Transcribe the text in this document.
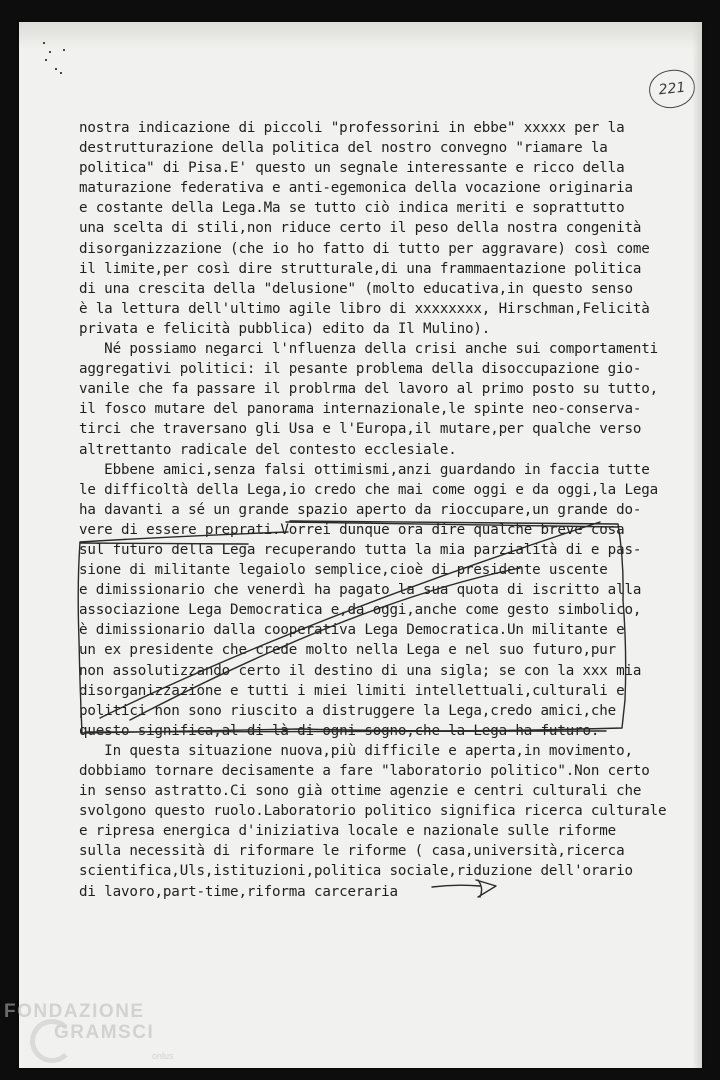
221
nostra indicazione di piccoli "professorini in ebbe" xxxxx per la
destrutturazione della politica del nostro convegno "riamare la
politica" di Pisa.E' questo un segnale interessante e ricco della
maturazione federativa e anti-egemonica della vocazione originaria
e costante della Lega.Ma se tutto ciò indica meriti e soprattutto
una scelta di stili,non riduce certo il peso della nostra congenità
disorganizzazione (che io ho fatto di tutto per aggravare) così come
il limite,per così dire strutturale,di una frammaentazione politica
di una crescita della "delusione" (molto educativa,in questo senso
è la lettura dell'ultimo agile libro di xxxxxxxx, Hirschman,Felicità
privata e felicità pubblica) edito da Il Mulino).
Né possiamo negarci l'nfluenza della crisi anche sui comportamenti
aggregativi politici: il pesante problema della disoccupazione gio-
vanile che fa passare il problrma del lavoro al primo posto su tutto,
il fosco mutare del panorama internazionale,le spinte neo-conserva-
tirci che traversano gli Usa e l'Europa,il mutare,per qualche verso
altrettanto radicale del contesto ecclesiale.
Ebbene amici,senza falsi ottimismi,anzi guardando in faccia tutte
le difficoltà della Lega,io credo che mai come oggi e da oggi,la Lega
ha davanti a sé un grande spazio aperto da rioccupare,un grande do-
vere di essere preprati.Vorrei dunque ora dire qualche breve cosa
sul futuro della Lega recuperando tutta la mia parzialità di e pas-
sione di militante legaiolo semplice,cioè di presidente uscente
e dimissionario che venerdì ha pagato la sua quota di iscritto alla
associazione Lega Democratica e,da oggi,anche come gesto simbolico,
è dimissionario dalla cooperativa Lega Democratica.Un militante e
un ex presidente che crede molto nella Lega e nel suo futuro,pur
non assolutizzando certo il destino di una sigla; se con la xxx mia
disorganizzazione e tutti i miei limiti intellettuali,culturali e
politici non sono riuscito a distruggere la Lega,credo amici,che
questo significa,al di là di ogni sogno,che la Lega ha futuro.
In questa situazione nuova,più difficile e aperta,in movimento,
dobbiamo tornare decisamente a fare "laboratorio politico".Non certo
in senso astratto.Ci sono già ottime agenzie e centri culturali che
svolgono questo ruolo.Laboratorio politico significa ricerca culturale
e ripresa energica d'iniziativa locale e nazionale sulle riforme
sulla necessità di riformare le riforme ( casa,università,ricerca
scientifica,Uls,istituzioni,politica sociale,riduzione dell'orario
di lavoro,part-time,riforma carceraria
FONDAZIONE
GRAMSCI
onlus
